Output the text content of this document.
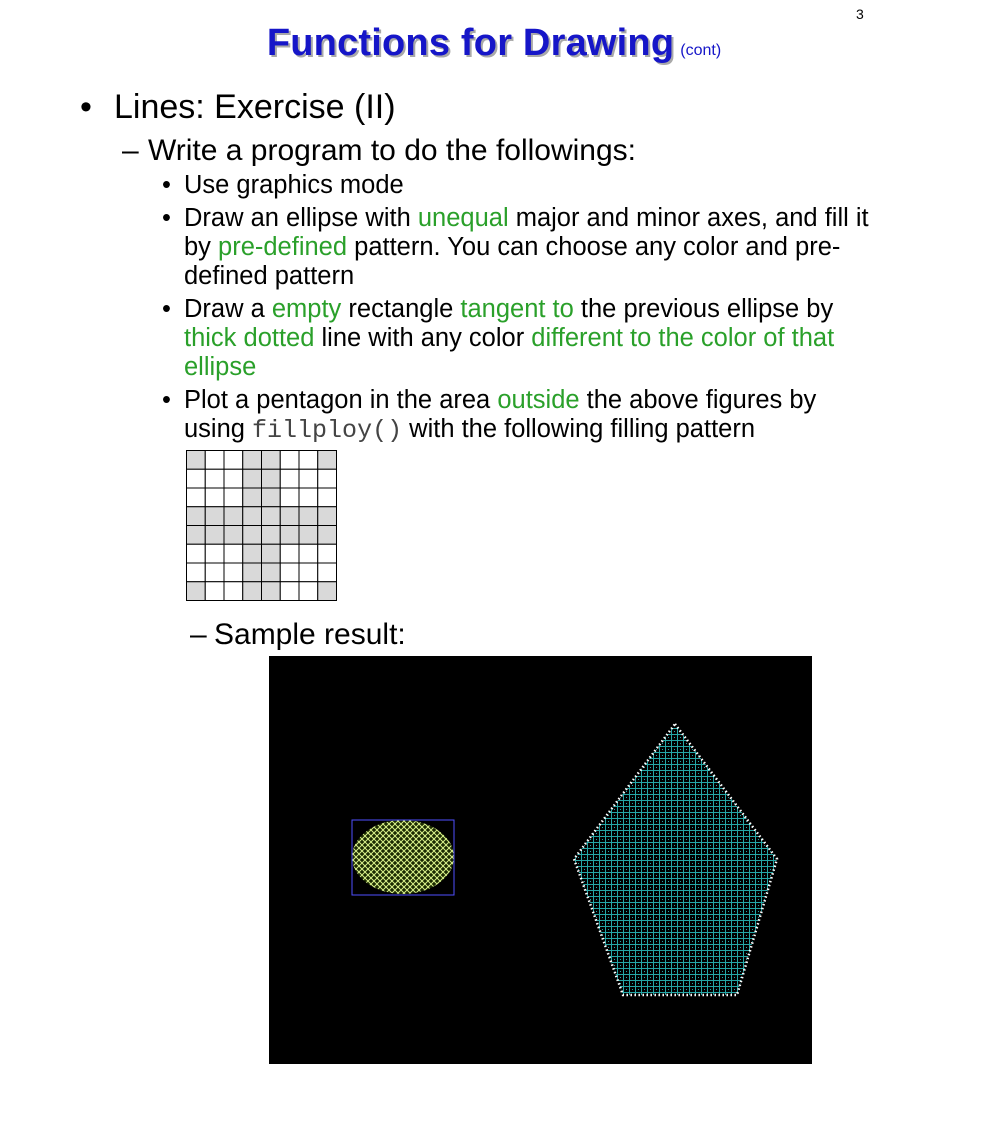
3
Functions for Drawing (cont)
• Lines: Exercise (II)
– Write a program to do the followings:
• Use graphics mode
• Draw an ellipse with unequal major and minor axes, and fill it by pre-defined pattern. You can choose any color and pre-defined pattern
• Draw a empty rectangle tangent to the previous ellipse by thick dotted line with any color different to the color of that ellipse
• Plot a pentagon in the area outside the above figures by using fillploy() with the following filling pattern
– Sample result:
